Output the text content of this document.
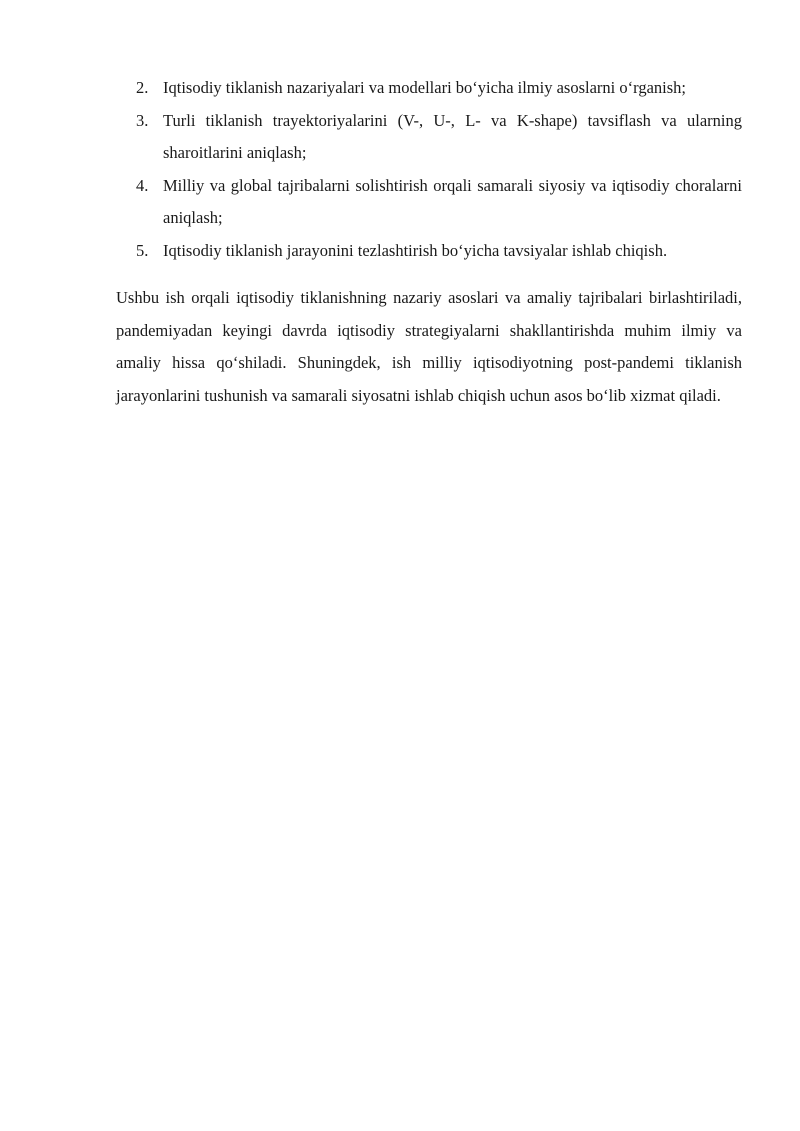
2. Iqtisodiy tiklanish nazariyalari va modellari bo‘yicha ilmiy asoslarni o‘rganish;
3. Turli tiklanish trayektoriyalarini (V-, U-, L- va K-shape) tavsiflash va ularning sharoitlarini aniqlash;
4. Milliy va global tajribalarni solishtirish orqali samarali siyosiy va iqtisodiy choralarni aniqlash;
5. Iqtisodiy tiklanish jarayonini tezlashtirish bo‘yicha tavsiyalar ishlab chiqish.

Ushbu ish orqali iqtisodiy tiklanishning nazariy asoslari va amaliy tajribalari birlashtiriladi, pandemiyadan keyingi davrda iqtisodiy strategiyalarni shakllantirishda muhim ilmiy va amaliy hissa qo‘shiladi. Shuningdek, ish milliy iqtisodiyotning post-pandemi tiklanish jarayonlarini tushunish va samarali siyosatni ishlab chiqish uchun asos bo‘lib xizmat qiladi.
